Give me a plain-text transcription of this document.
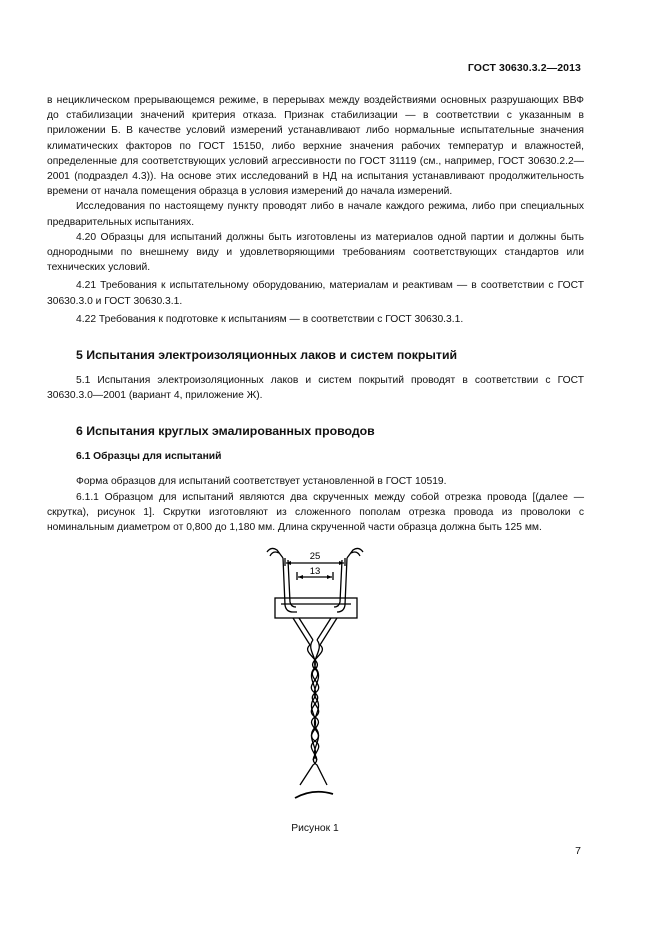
ГОСТ 30630.3.2—2013

в нециклическом прерывающемся режиме, в перерывах между воздействиями основных разрушающих ВВФ до стабилизации значений критерия отказа. Признак стабилизации — в соответствии с указанным в приложении Б. В качестве условий измерений устанавливают либо нормальные испытательные значения климатических факторов по ГОСТ 15150, либо верхние значения рабочих температур и влажностей, определенные для соответствующих условий агрессивности по ГОСТ 31119 (см., например, ГОСТ 30630.2.2—2001 (подраздел 4.3)). На основе этих исследований в НД на испытания устанавливают продолжительность времени от начала помещения образца в условия измерений до начала измерений.

Исследования по настоящему пункту проводят либо в начале каждого режима, либо при специальных предварительных испытаниях.

4.20 Образцы для испытаний должны быть изготовлены из материалов одной партии и должны быть однородными по внешнему виду и удовлетворяющими требованиям соответствующих стандартов или технических условий.

4.21 Требования к испытательному оборудованию, материалам и реактивам — в соответствии с ГОСТ 30630.3.0 и ГОСТ 30630.3.1.

4.22 Требования к подготовке к испытаниям — в соответствии с ГОСТ 30630.3.1.

5 Испытания электроизоляционных лаков и систем покрытий

5.1 Испытания электроизоляционных лаков и систем покрытий проводят в соответствии с ГОСТ 30630.3.0—2001 (вариант 4, приложение Ж).

6 Испытания круглых эмалированных проводов
6.1 Образцы для испытаний

Форма образцов для испытаний соответствует установленной в ГОСТ 10519.

6.1.1 Образцом для испытаний являются два скрученных между собой отрезка провода [(далее — скрутка), рисунок 1]. Скрутки изготовляют из сложенного пополам отрезка провода из проволоки с номинальным диаметром от 0,800 до 1,180 мм. Длина скрученной части образца должна быть 125 мм.

25
13
Рисунок 1
7
